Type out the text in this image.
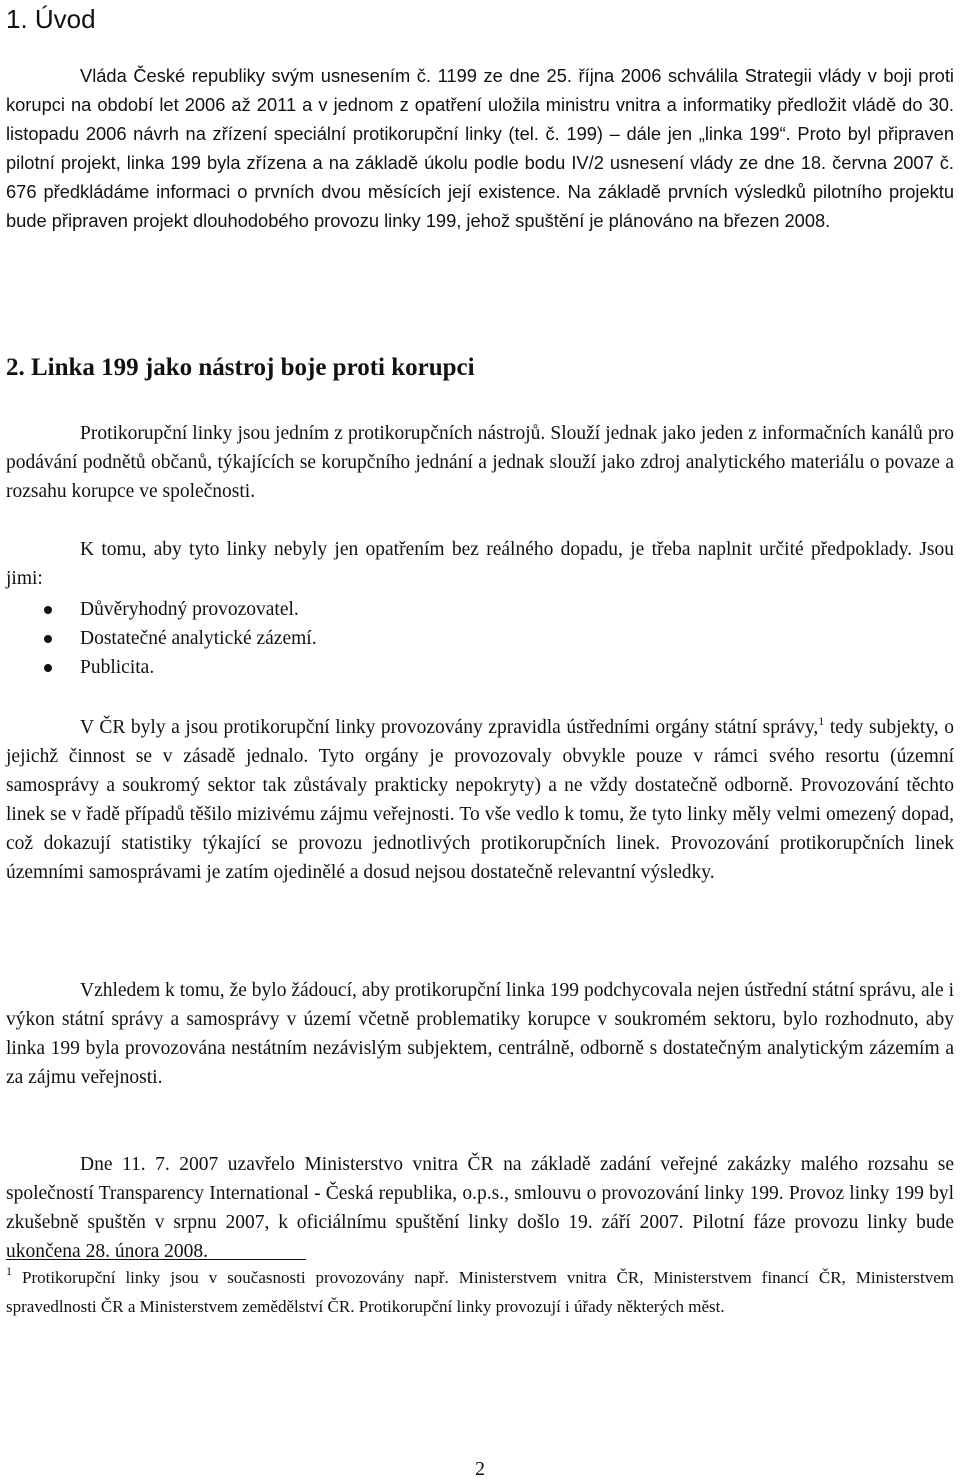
1. Úvod

Vláda České republiky svým usnesením č. 1199 ze dne 25. října 2006 schválila Strategii vlády v boji proti korupci na období let 2006 až 2011 a v jednom z opatření uložila ministru vnitra a informatiky předložit vládě do 30. listopadu 2006 návrh na zřízení speciální protikorupční linky (tel. č. 199) – dále jen „linka 199“. Proto byl připraven pilotní projekt, linka 199 byla zřízena a na základě úkolu podle bodu IV/2 usnesení vlády ze dne 18. června 2007 č. 676 předkládáme informaci o prvních dvou měsících její existence. Na základě prvních výsledků pilotního projektu bude připraven projekt dlouhodobého provozu linky 199, jehož spuštění je plánováno na březen 2008.

2. Linka 199 jako nástroj boje proti korupci

Protikorupční linky jsou jedním z protikorupčních nástrojů. Slouží jednak jako jeden z informačních kanálů pro podávání podnětů občanů, týkajících se korupčního jednání a jednak slouží jako zdroj analytického materiálu o povaze a rozsahu korupce ve společnosti.

K tomu, aby tyto linky nebyly jen opatřením bez reálného dopadu, je třeba naplnit určité předpoklady. Jsou jimi:

Důvěryhodný provozovatel.
Dostatečné analytické zázemí.
Publicita.

V ČR byly a jsou protikorupční linky provozovány zpravidla ústředními orgány státní správy,$^1$ tedy subjekty, o jejichž činnost se v zásadě jednalo. Tyto orgány je provozovaly obvykle pouze v rámci svého resortu (územní samosprávy a soukromý sektor tak zůstávaly prakticky nepokryty) a ne vždy dostatečně odborně. Provozování těchto linek se v řadě případů těšilo mizivému zájmu veřejnosti. To vše vedlo k tomu, že tyto linky měly velmi omezený dopad, což dokazují statistiky týkající se provozu jednotlivých protikorupčních linek. Provozování protikorupčních linek územními samosprávami je zatím ojedinělé a dosud nejsou dostatečně relevantní výsledky.

Vzhledem k tomu, že bylo žádoucí, aby protikorupční linka 199 podchycovala nejen ústřední státní správu, ale i výkon státní správy a samosprávy v území včetně problematiky korupce v soukromém sektoru, bylo rozhodnuto, aby linka 199 byla provozována nestátním nezávislým subjektem, centrálně, odborně s dostatečným analytickým zázemím a za zájmu veřejnosti.

Dne 11. 7. 2007 uzavřelo Ministerstvo vnitra ČR na základě zadání veřejné zakázky malého rozsahu se společností Transparency International - Česká republika, o.p.s., smlouvu o provozování linky 199. Provoz linky 199 byl zkušebně spuštěn v srpnu 2007, k oficiálnímu spuštění linky došlo 19. září 2007. Pilotní fáze provozu linky bude ukončena 28. února 2008.

$^1$ Protikorupční linky jsou v současnosti provozovány např. Ministerstvem vnitra ČR, Ministerstvem financí ČR, Ministerstvem spravedlnosti ČR a Ministerstvem zemědělství ČR. Protikorupční linky provozují i úřady některých měst.

2
